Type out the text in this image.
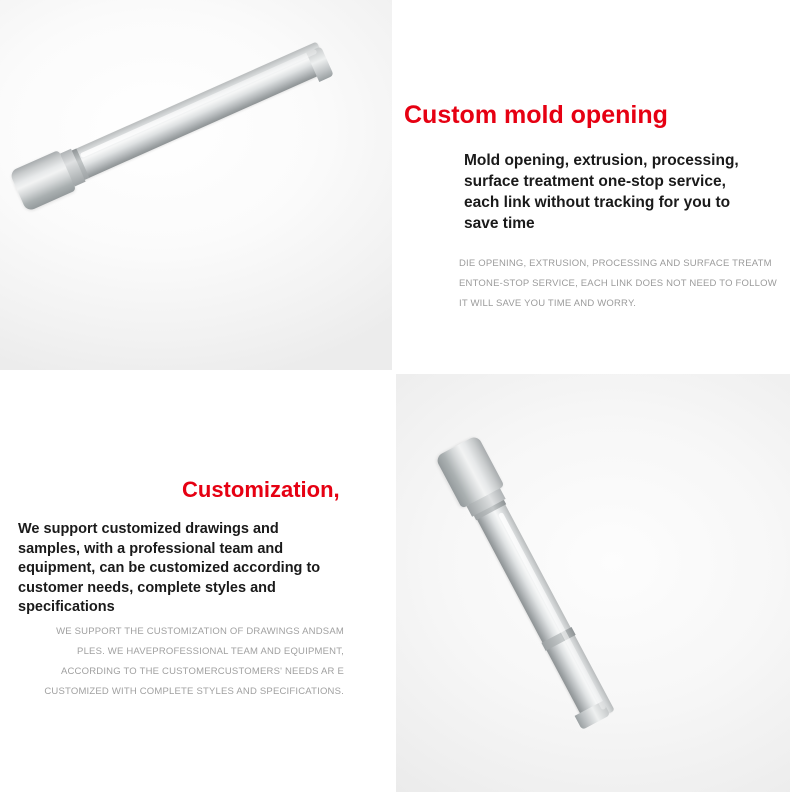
Custom mold opening
Mold opening, extrusion, processing, surface treatment one-stop service, each link without tracking for you to save time
DIE OPENING, EXTRUSION, PROCESSING AND SURFACE TREATM ENTONE-STOP SERVICE, EACH LINK DOES NOT NEED TO FOLLOW IT WILL SAVE YOU TIME AND WORRY.
Customization,
We support customized drawings and samples, with a professional team and equipment, can be customized according to customer needs, complete styles and specifications
WE SUPPORT THE CUSTOMIZATION OF DRAWINGS ANDSAM PLES. WE HAVEPROFESSIONAL TEAM AND EQUIPMENT, ACCORDING TO THE CUSTOMERCUSTOMERS' NEEDS AR E CUSTOMIZED WITH COMPLETE STYLES AND SPECIFICATIONS.
